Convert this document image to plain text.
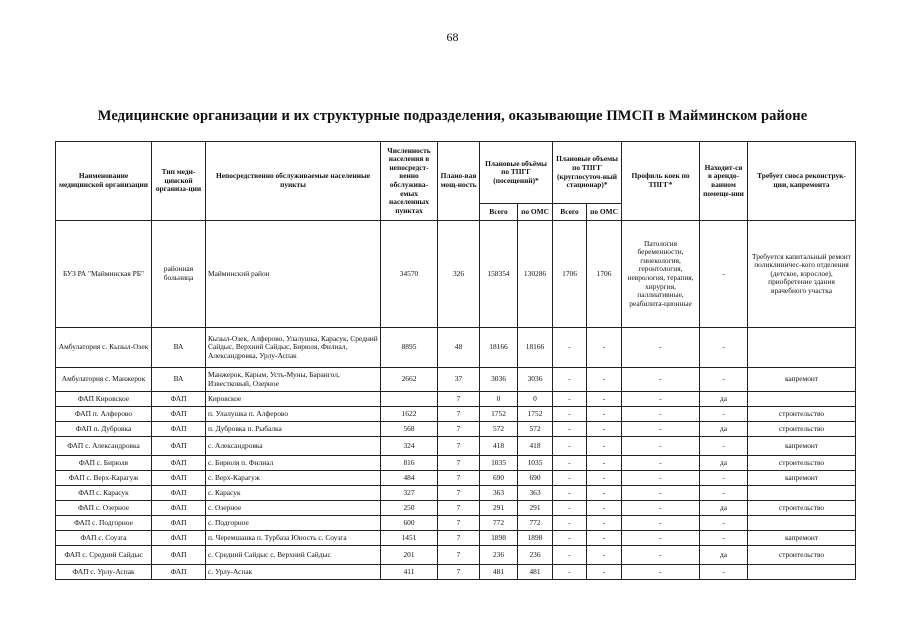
68
Медицинские организации и их структурные подразделения, оказывающие ПМСП в Майминском районе
Наименование медицинской организации	Тип меди-цинской организа-ции	Непосредственно обслуживаемые населенные пункты	Численность населения в непосредст-венно обслужива-емых населенных пунктах	Плано-вая мощ-ность	Плановые объёмы по ТПГГ (посещений)*		Плановые объемы по ТПГГ (круглосуточ-ный стационар)*		Профиль коек по ТПГГ*	Находит-ся в арендо-ванном помеще-нии	Требует сноса реконструк-ции, капремонта
					Всего	по ОМС	Всего	по ОМС			
БУЗ РА "Майминская РБ"	районная больница	Майминский район	34570	326	158354	130286	1706	1706	Патология беременности, гинекология, геронтология, неврология, терапия, хирургия, паллиативные, реабилита-ционные	-	Требуется капитальный ремонт поликлиничес-кого отделения (детское, взрослое), приобретение здания врачебного участка
Амбулатория с. Кызыл-Озек	ВА	Кызыл-Озек, Алферово, Улалушка, Карасук, Средний Сайдыс, Верхний Сайдыс, Бирюля, Филиал, Александровка, Урлу-Аспак	8895	48	18166	18166	-	-	-	-	
Амбулатория с. Манжерок	ВА	Манжерок, Карым, Усть-Муны, Барангол, Известковый, Озерное	2662	37	3036	3036	-	-	-	-	капремонт
ФАП Кировское	ФАП	Кировское		7	0	0	-	-	-	да	
ФАП п. Алферово	ФАП	п. Улалушка п. Алферово	1622	7	1752	1752	-	-	-	-	строительство
ФАП п. Дубровка	ФАП	п. Дубровка п. Рыбалка	568	7	572	572	-	-	-	да	строительство
ФАП с. Александровка	ФАП	с. Александровка	324	7	418	418	-	-	-	-	капремонт
ФАП с. Бирюля	ФАП	с. Бирюля п. Филиал	816	7	1035	1035	-	-	-	да	строительство
ФАП с. Верх-Карагуж	ФАП	с. Верх-Карагуж	484	7	690	690	-	-	-	-	капремонт
ФАП с. Карасук	ФАП	с. Карасук	327	7	363	363	-	-	-	-	
ФАП с. Озерное	ФАП	с. Озерное	250	7	291	291	-	-	-	да	строительство
ФАП с. Подгорное	ФАП	с. Подгорное	600	7	772	772	-	-	-	-	
ФАП с. Соузга	ФАП	п. Черемшанка п. Турбаза Юность с. Соузга	1451	7	1898	1898	-	-	-	-	капремонт
ФАП с. Средний Сайдыс	ФАП	с. Средний Сайдыс с. Верхний Сайдыс	201	7	236	236	-	-	-	да	строительство
ФАП с. Урлу-Аспак	ФАП	с. Урлу-Аспак	411	7	481	481	-	-	-	-	
